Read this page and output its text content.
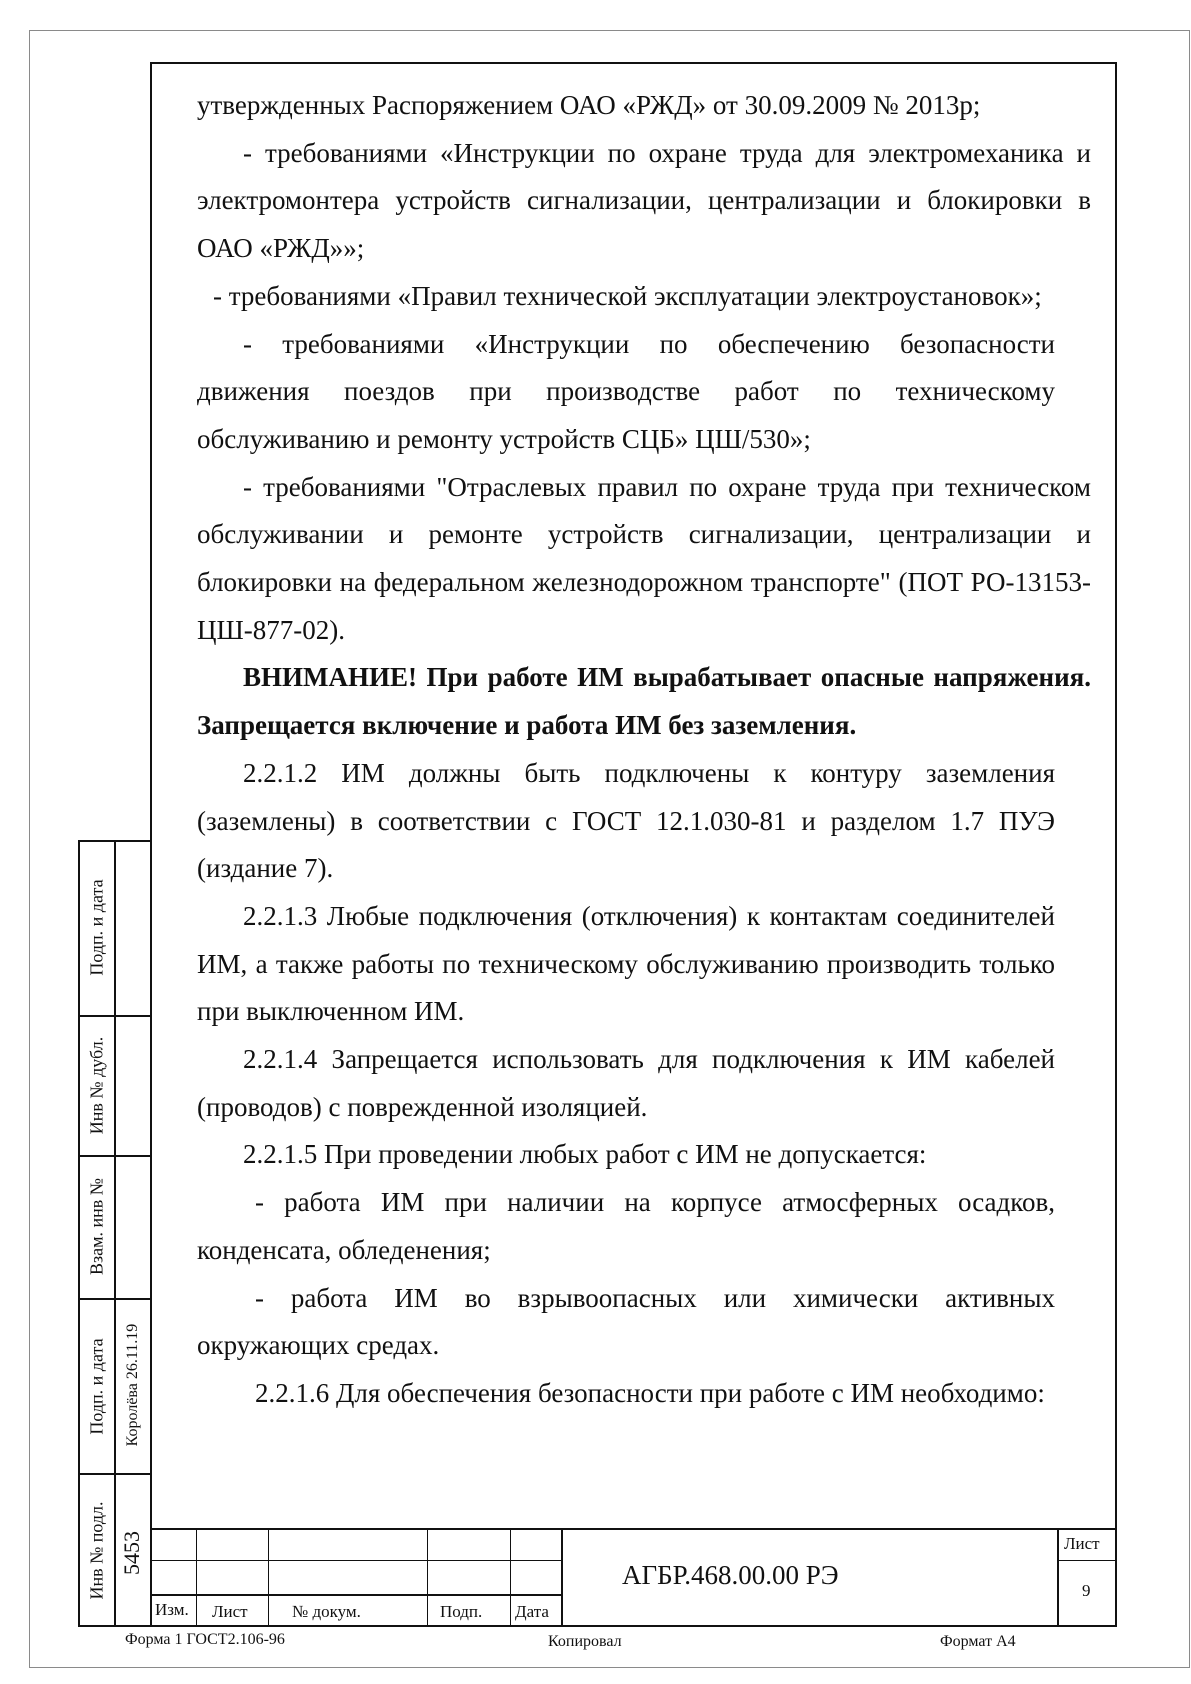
утвержденных Распоряжением ОАО «РЖД» от 30.09.2009 № 2013р;

- требованиями «Инструкции по охране труда для электромеханика и электромонтера устройств сигнализации, централизации и блокировки в ОАО «РЖД»»;

- требованиями «Правил технической эксплуатации электроустановок»;

- требованиями «Инструкции по обеспечению безопасности движения поездов при производстве работ по техническому обслуживанию и ремонту устройств СЦБ» ЦШ/530»;

- требованиями "Отраслевых правил по охране труда при техническом обслуживании и ремонте устройств сигнализации, централизации и блокировки на федеральном железнодорожном транспорте" (ПОТ РО-13153-ЦШ-877-02).

ВНИМАНИЕ! При работе ИМ вырабатывает опасные напряжения. Запрещается включение и работа ИМ без заземления.

2.2.1.2 ИМ должны быть подключены к контуру заземления (заземлены) в соответствии с ГОСТ 12.1.030-81 и разделом 1.7 ПУЭ (издание 7).

2.2.1.3 Любые подключения (отключения) к контактам соединителей ИМ, а также работы по техническому обслуживанию производить только при выключенном ИМ.

2.2.1.4 Запрещается использовать для подключения к ИМ кабелей (проводов) с поврежденной изоляцией.

2.2.1.5 При проведении любых работ с ИМ не допускается:

- работа ИМ при наличии на корпусе атмосферных осадков, конденсата, обледенения;

- работа ИМ во взрывоопасных или химически активных окружающих средах.

2.2.1.6 Для обеспечения безопасности при работе с ИМ необходимо:

Подп. и дата
Инв № дубл.
Взам. инв №
Подп. и дата Королёва 26.11.19
Инв № подл. 5453
Изм. Лист	№ докум.	Подп. Дата
АГБР.468.00.00 РЭ
Лист
9
Форма 1 ГОСТ2.106-96	Копировал	Формат А4
